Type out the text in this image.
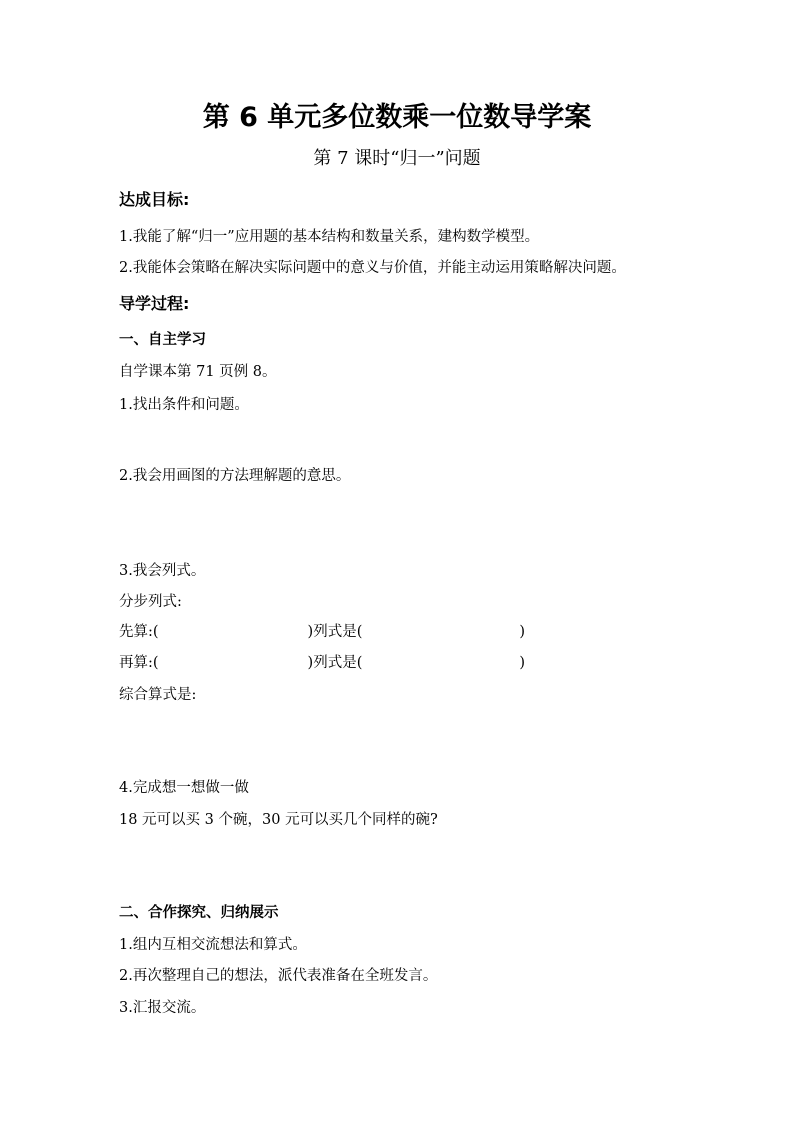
第 6 单元多位数乘一位数导学案
第 7 课时“归一”问题
达成目标:
1.我能了解“归一”应用题的基本结构和数量关系，建构数学模型。
2.我能体会策略在解决实际问题中的意义与价值，并能主动运用策略解决问题。
导学过程:
一、自主学习
自学课本第 71 页例 8。
1.找出条件和问题。
2.我会用画图的方法理解题的意思。
3.我会列式。
分步列式:
先算:(	)列式是(	)
再算:(	)列式是(	)
综合算式是:
4.完成想一想做一做
18 元可以买 3 个碗，30 元可以买几个同样的碗?
二、合作探究、归纳展示
1.组内互相交流想法和算式。
2.再次整理自己的想法，派代表准备在全班发言。
3.汇报交流。
